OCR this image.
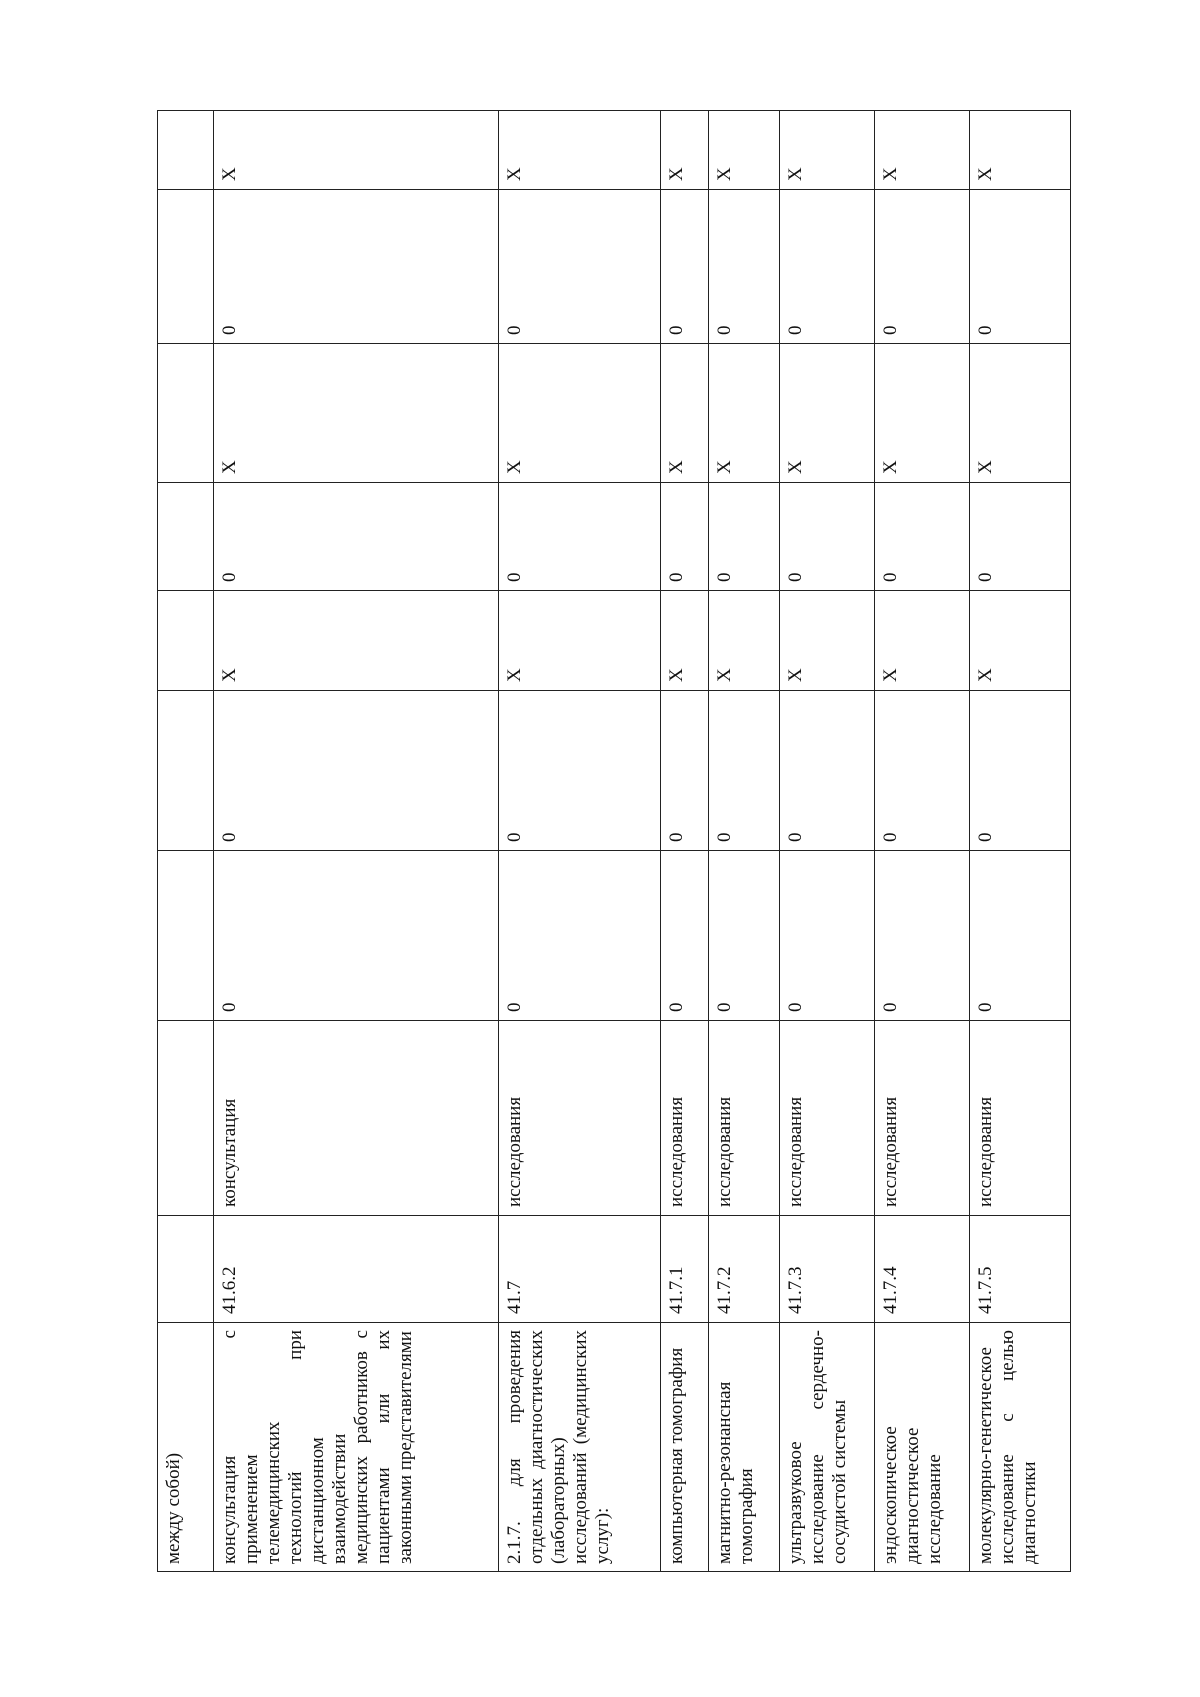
между собой)	консультация с применением телемедицинских технологий при дистанционном взаимодействии медицинских работников с пациентами или их законными представителями
41.6.2
консультация
0
0
X
0
X
0
X
2.1.7. для проведения отдельных диагностических (лабораторных) исследований (медицинских услуг):
41.7
исследования
0
0
X
0
X
0
X
компьютерная томография
41.7.1
исследования
0
0
X
0
X
0
X
магнитно-резонансная томография
41.7.2
исследования
0
0
X
0
X
0
X
ультразвуковое исследование сердечно-сосудистой системы
41.7.3
исследования
0
0
X
0
X
0
X
эндоскопическое диагностическое исследование
41.7.4
исследования
0
0
X
0
X
0
X
молекулярно-генетическое исследование с целью диагностики
41.7.5
исследования
0
0
X
0
X
0
X
